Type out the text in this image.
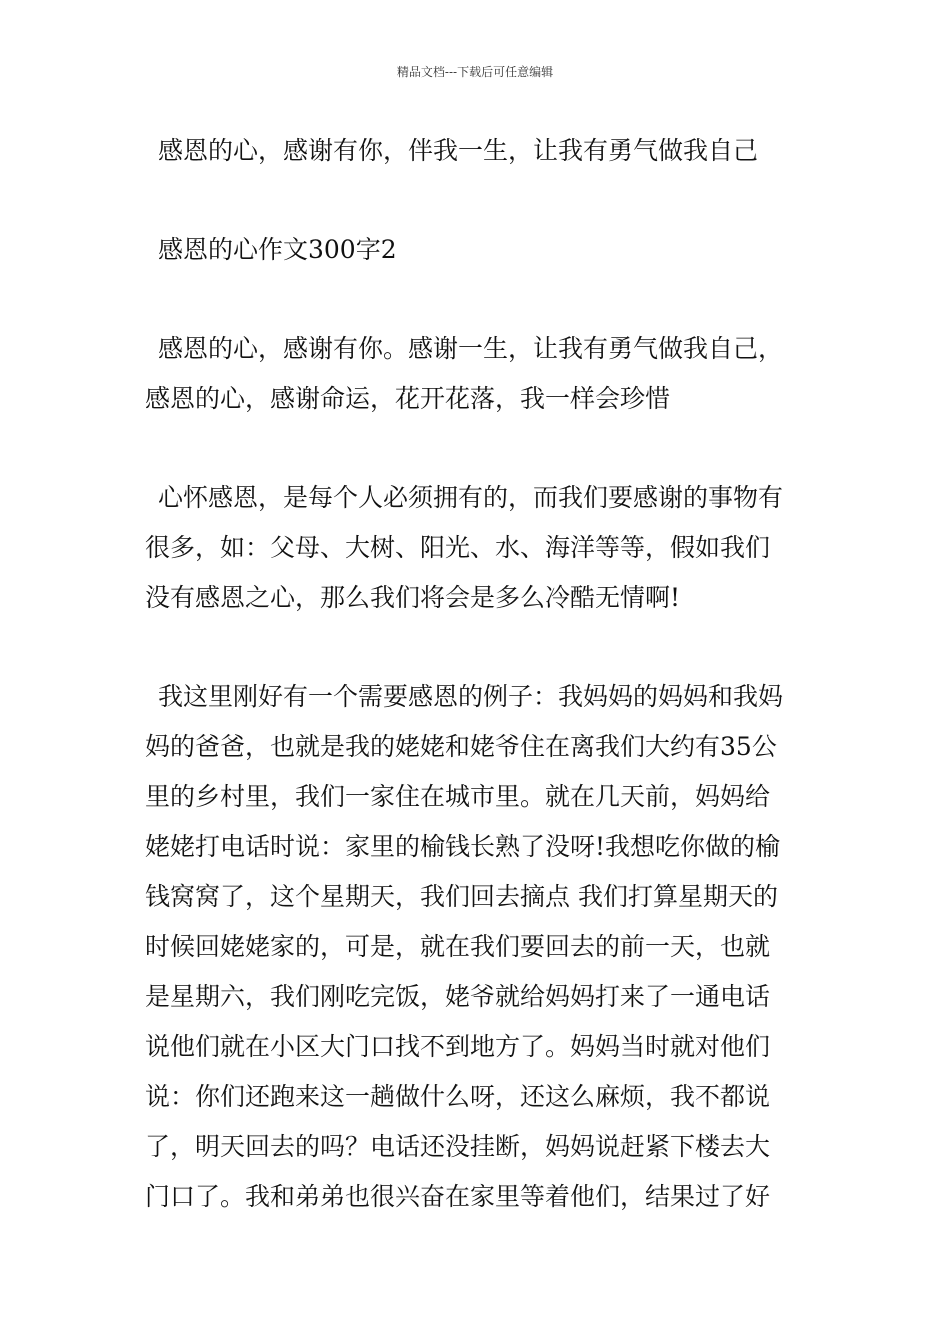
精品文档---下载后可任意编辑

感恩的心，感谢有你，伴我一生，让我有勇气做我自己

感恩的心作文300字2

感恩的心，感谢有你。感谢一生，让我有勇气做我自己，
感恩的心，感谢命运，花开花落，我一样会珍惜

心怀感恩，是每个人必须拥有的，而我们要感谢的事物有
很多，如：父母、大树、阳光、水、海洋等等，假如我们
没有感恩之心，那么我们将会是多么冷酷无情啊!

我这里刚好有一个需要感恩的例子：我妈妈的妈妈和我妈
妈的爸爸，也就是我的姥姥和姥爷住在离我们大约有35公
里的乡村里，我们一家住在城市里。就在几天前，妈妈给
姥姥打电话时说：家里的榆钱长熟了没呀!我想吃你做的榆
钱窝窝了，这个星期天，我们回去摘点 我们打算星期天的
时候回姥姥家的，可是，就在我们要回去的前一天，也就
是星期六，我们刚吃完饭，姥爷就给妈妈打来了一通电话
说他们就在小区大门口找不到地方了。妈妈当时就对他们
说：你们还跑来这一趟做什么呀，还这么麻烦，我不都说
了，明天回去的吗？电话还没挂断，妈妈说赶紧下楼去大
门口了。我和弟弟也很兴奋在家里等着他们，结果过了好
